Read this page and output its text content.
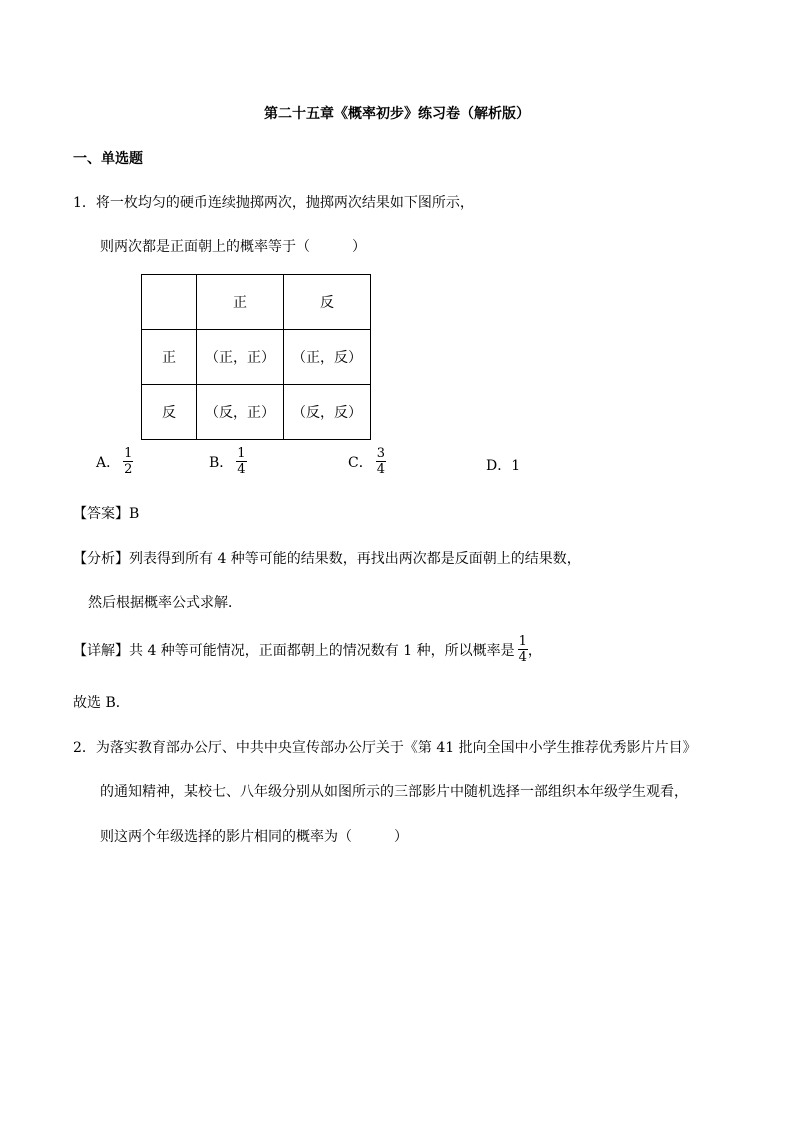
第二十五章《概率初步》练习卷（解析版）
一、单选题
1．将一枚均匀的硬币连续抛掷两次，抛掷两次结果如下图所示，
则两次都是正面朝上的概率等于（　　　）
	正	反
正	（正，正）	（正，反）
反	（反，正）	（反，反）
A． $\frac{1}{2}$	B． $\frac{1}{4}$	C． $\frac{3}{4}$	D．1
【答案】B
【分析】列表得到所有 4 种等可能的结果数，再找出两次都是反面朝上的结果数，
然后根据概率公式求解．
【详解】共 4 种等可能情况，正面都朝上的情况数有 1 种，所以概率是 $\frac{1}{4}$ ，
故选 B．
2．为落实教育部办公厅、中共中央宣传部办公厅关于《第 41 批向全国中小学生推荐优秀影片片目》
的通知精神，某校七、八年级分别从如图所示的三部影片中随机选择一部组织本年级学生观看，
则这两个年级选择的影片相同的概率为（　　　）
